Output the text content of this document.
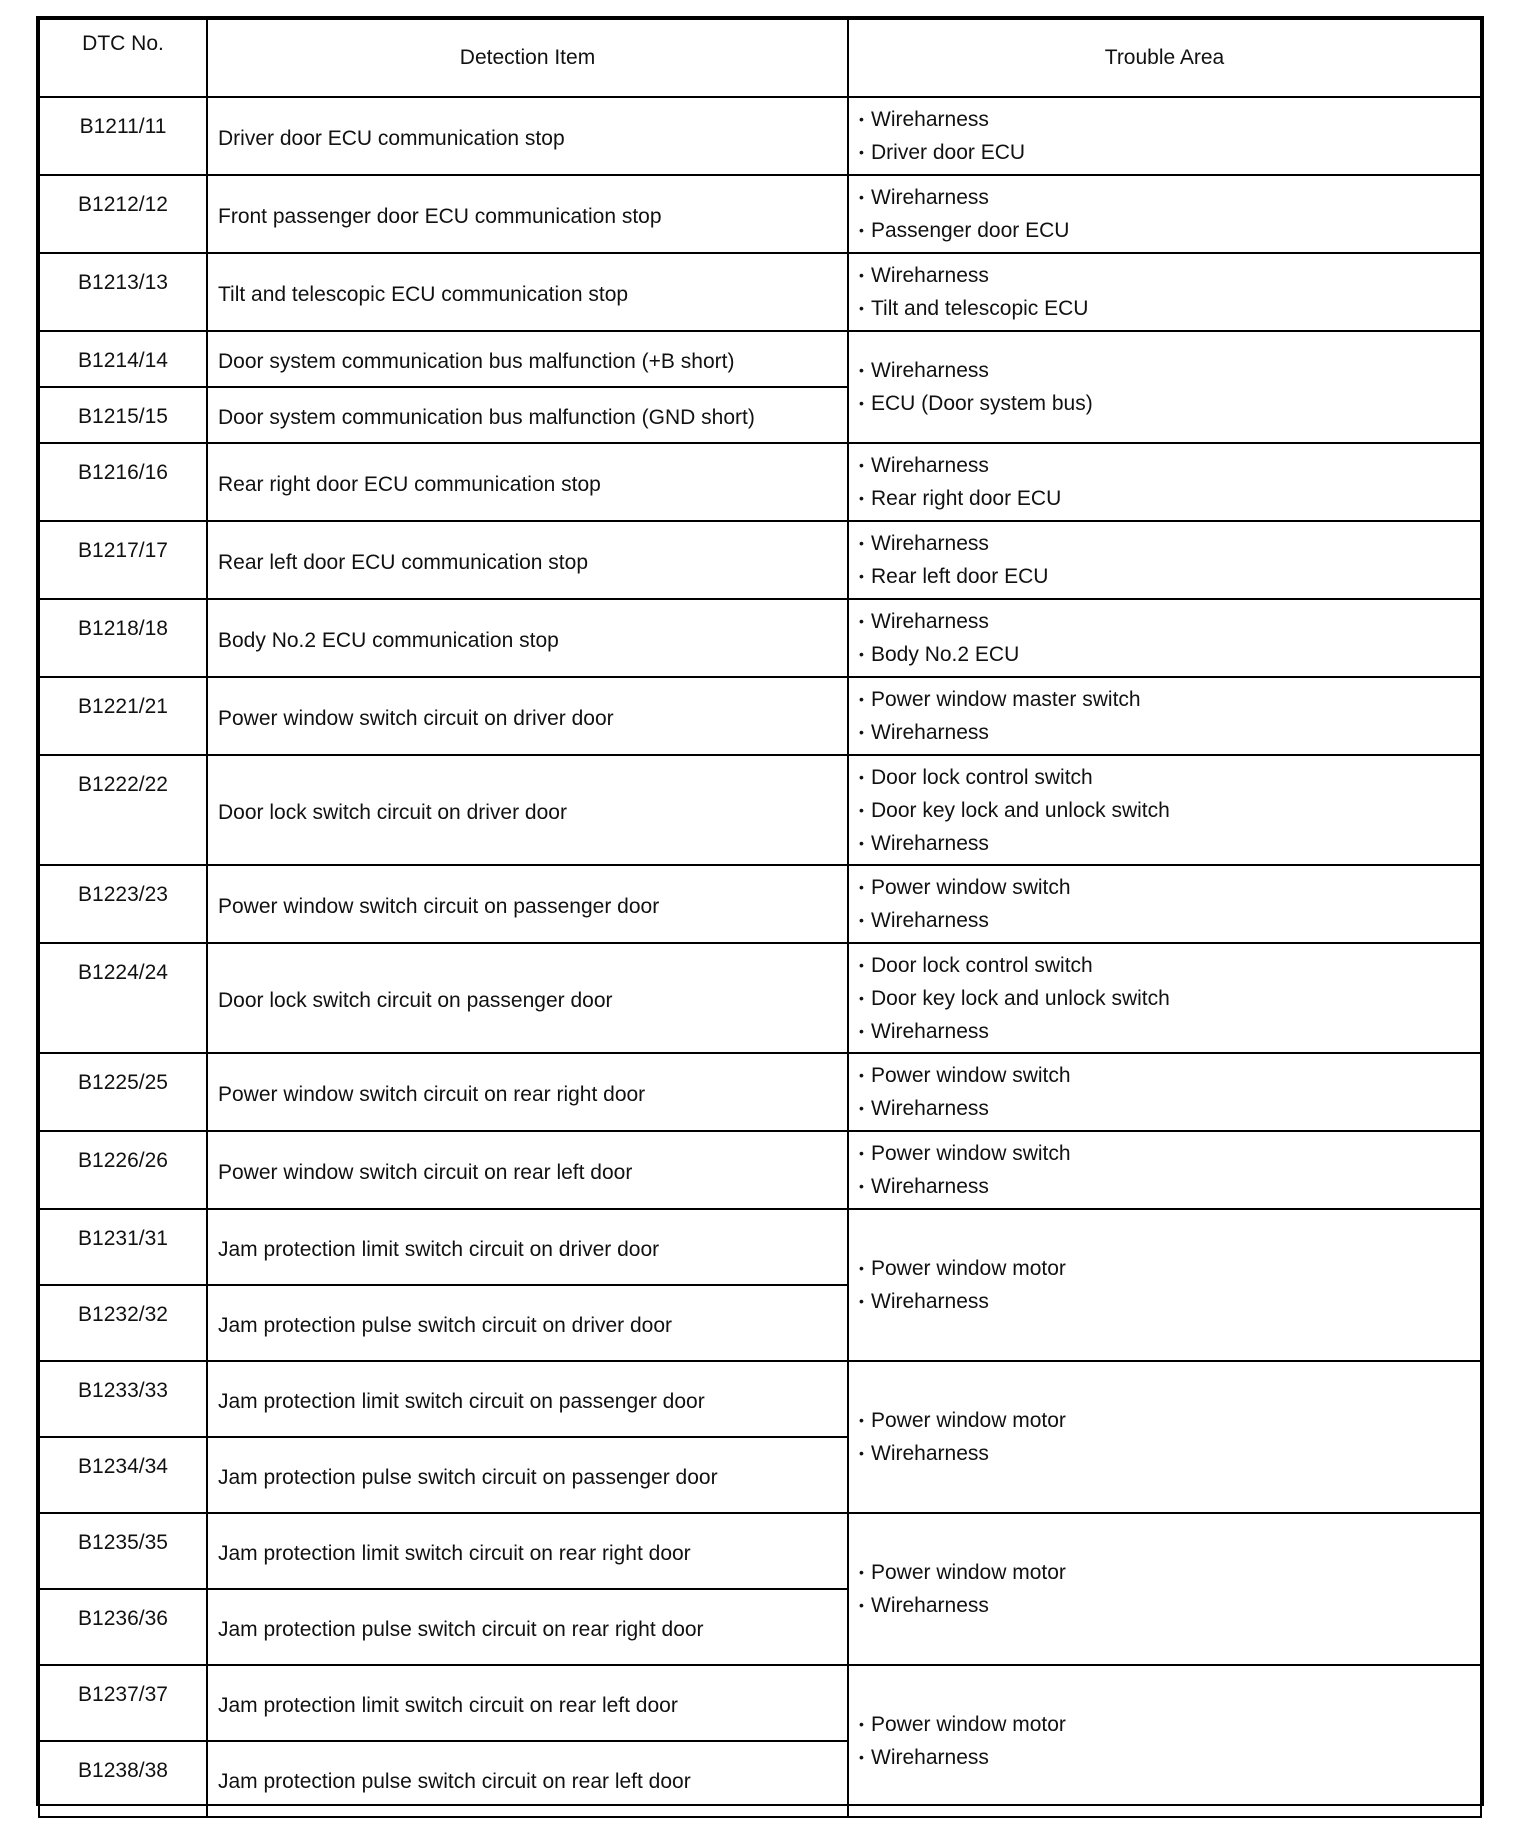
DTC No.	Detection Item	Trouble Area

B1211/11	Driver door ECU communication stop	• Wireharness
• Driver door ECU

B1212/12	Front passenger door ECU communication stop	• Wireharness
• Passenger door ECU

B1213/13	Tilt and telescopic ECU communication stop	• Wireharness
• Tilt and telescopic ECU

B1214/14	Door system communication bus malfunction (+B short)	• Wireharness
• ECU (Door system bus)

B1215/15	Door system communication bus malfunction (GND short)	

B1216/16	Rear right door ECU communication stop	• Wireharness
• Rear right door ECU

B1217/17	Rear left door ECU communication stop	• Wireharness
• Rear left door ECU

B1218/18	Body No.2 ECU communication stop	• Wireharness
• Body No.2 ECU

B1221/21	Power window switch circuit on driver door	• Power window master switch
• Wireharness

B1222/22	Door lock switch circuit on driver door	• Door lock control switch
• Door key lock and unlock switch
• Wireharness

B1223/23	Power window switch circuit on passenger door	• Power window switch
• Wireharness

B1224/24	Door lock switch circuit on passenger door	• Door lock control switch
• Door key lock and unlock switch
• Wireharness

B1225/25	Power window switch circuit on rear right door	• Power window switch
• Wireharness

B1226/26	Power window switch circuit on rear left door	• Power window switch
• Wireharness

B1231/31	Jam protection limit switch circuit on driver door	• Power window motor
• Wireharness

B1232/32	Jam protection pulse switch circuit on driver door	

B1233/33	Jam protection limit switch circuit on passenger door	• Power window motor
• Wireharness

B1234/34	Jam protection pulse switch circuit on passenger door	

B1235/35	Jam protection limit switch circuit on rear right door	• Power window motor
• Wireharness

B1236/36	Jam protection pulse switch circuit on rear right door	

B1237/37	Jam protection limit switch circuit on rear left door	• Power window motor
• Wireharness

B1238/38	Jam protection pulse switch circuit on rear left door	
